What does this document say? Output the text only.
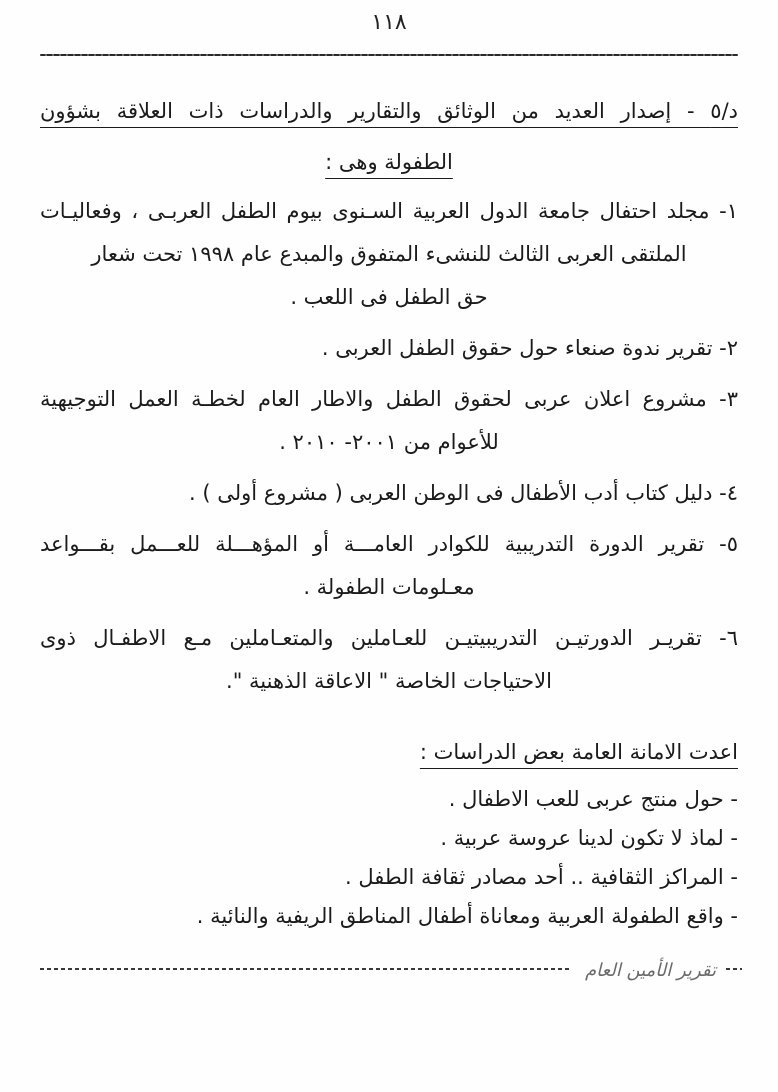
١١٨
د/٥ - إصدار العديد من الوثائق والتقارير والدراسات ذات العلاقة بشؤون
الطفولة وهى :
١- مجلد احتفال جامعة الدول العربية السـنوى بيوم الطفل العربـى ، وفعاليـات
الملتقى العربى الثالث للنشىء المتفوق والمبدع عام ١٩٩٨ تحت شعار
حق الطفل فى اللعب .
٢- تقرير ندوة صنعاء حول حقوق الطفل العربى .
٣- مشروع اعلان عربى لحقوق الطفل والاطار العام لخطـة العمل التوجيهية
للأعوام من ٢٠٠١- ٢٠١٠ .
٤- دليل كتاب أدب الأطفال فى الوطن العربى ( مشروع أولى ) .
٥- تقرير الدورة التدريبية للكوادر العامـــة أو المؤهـــلة للعـــمل بقـــواعد
معـلومات الطفولة .
٦- تقريـر الدورتيـن التدريبيتيـن للعـاملين والمتعـاملين مـع الاطفـال ذوى
الاحتياجات الخاصة " الاعاقة الذهنية ".
اعدت الامانة العامة بعض الدراسات :
- حول منتج عربى للعب الاطفال .
- لماذ لا تكون لدينا عروسة عربية .
- المراكز الثقافية .. أحد مصادر ثقافة الطفل .
- واقع الطفولة العربية ومعاناة أطفال المناطق الريفية والنائية .
تقرير الأمين العام
